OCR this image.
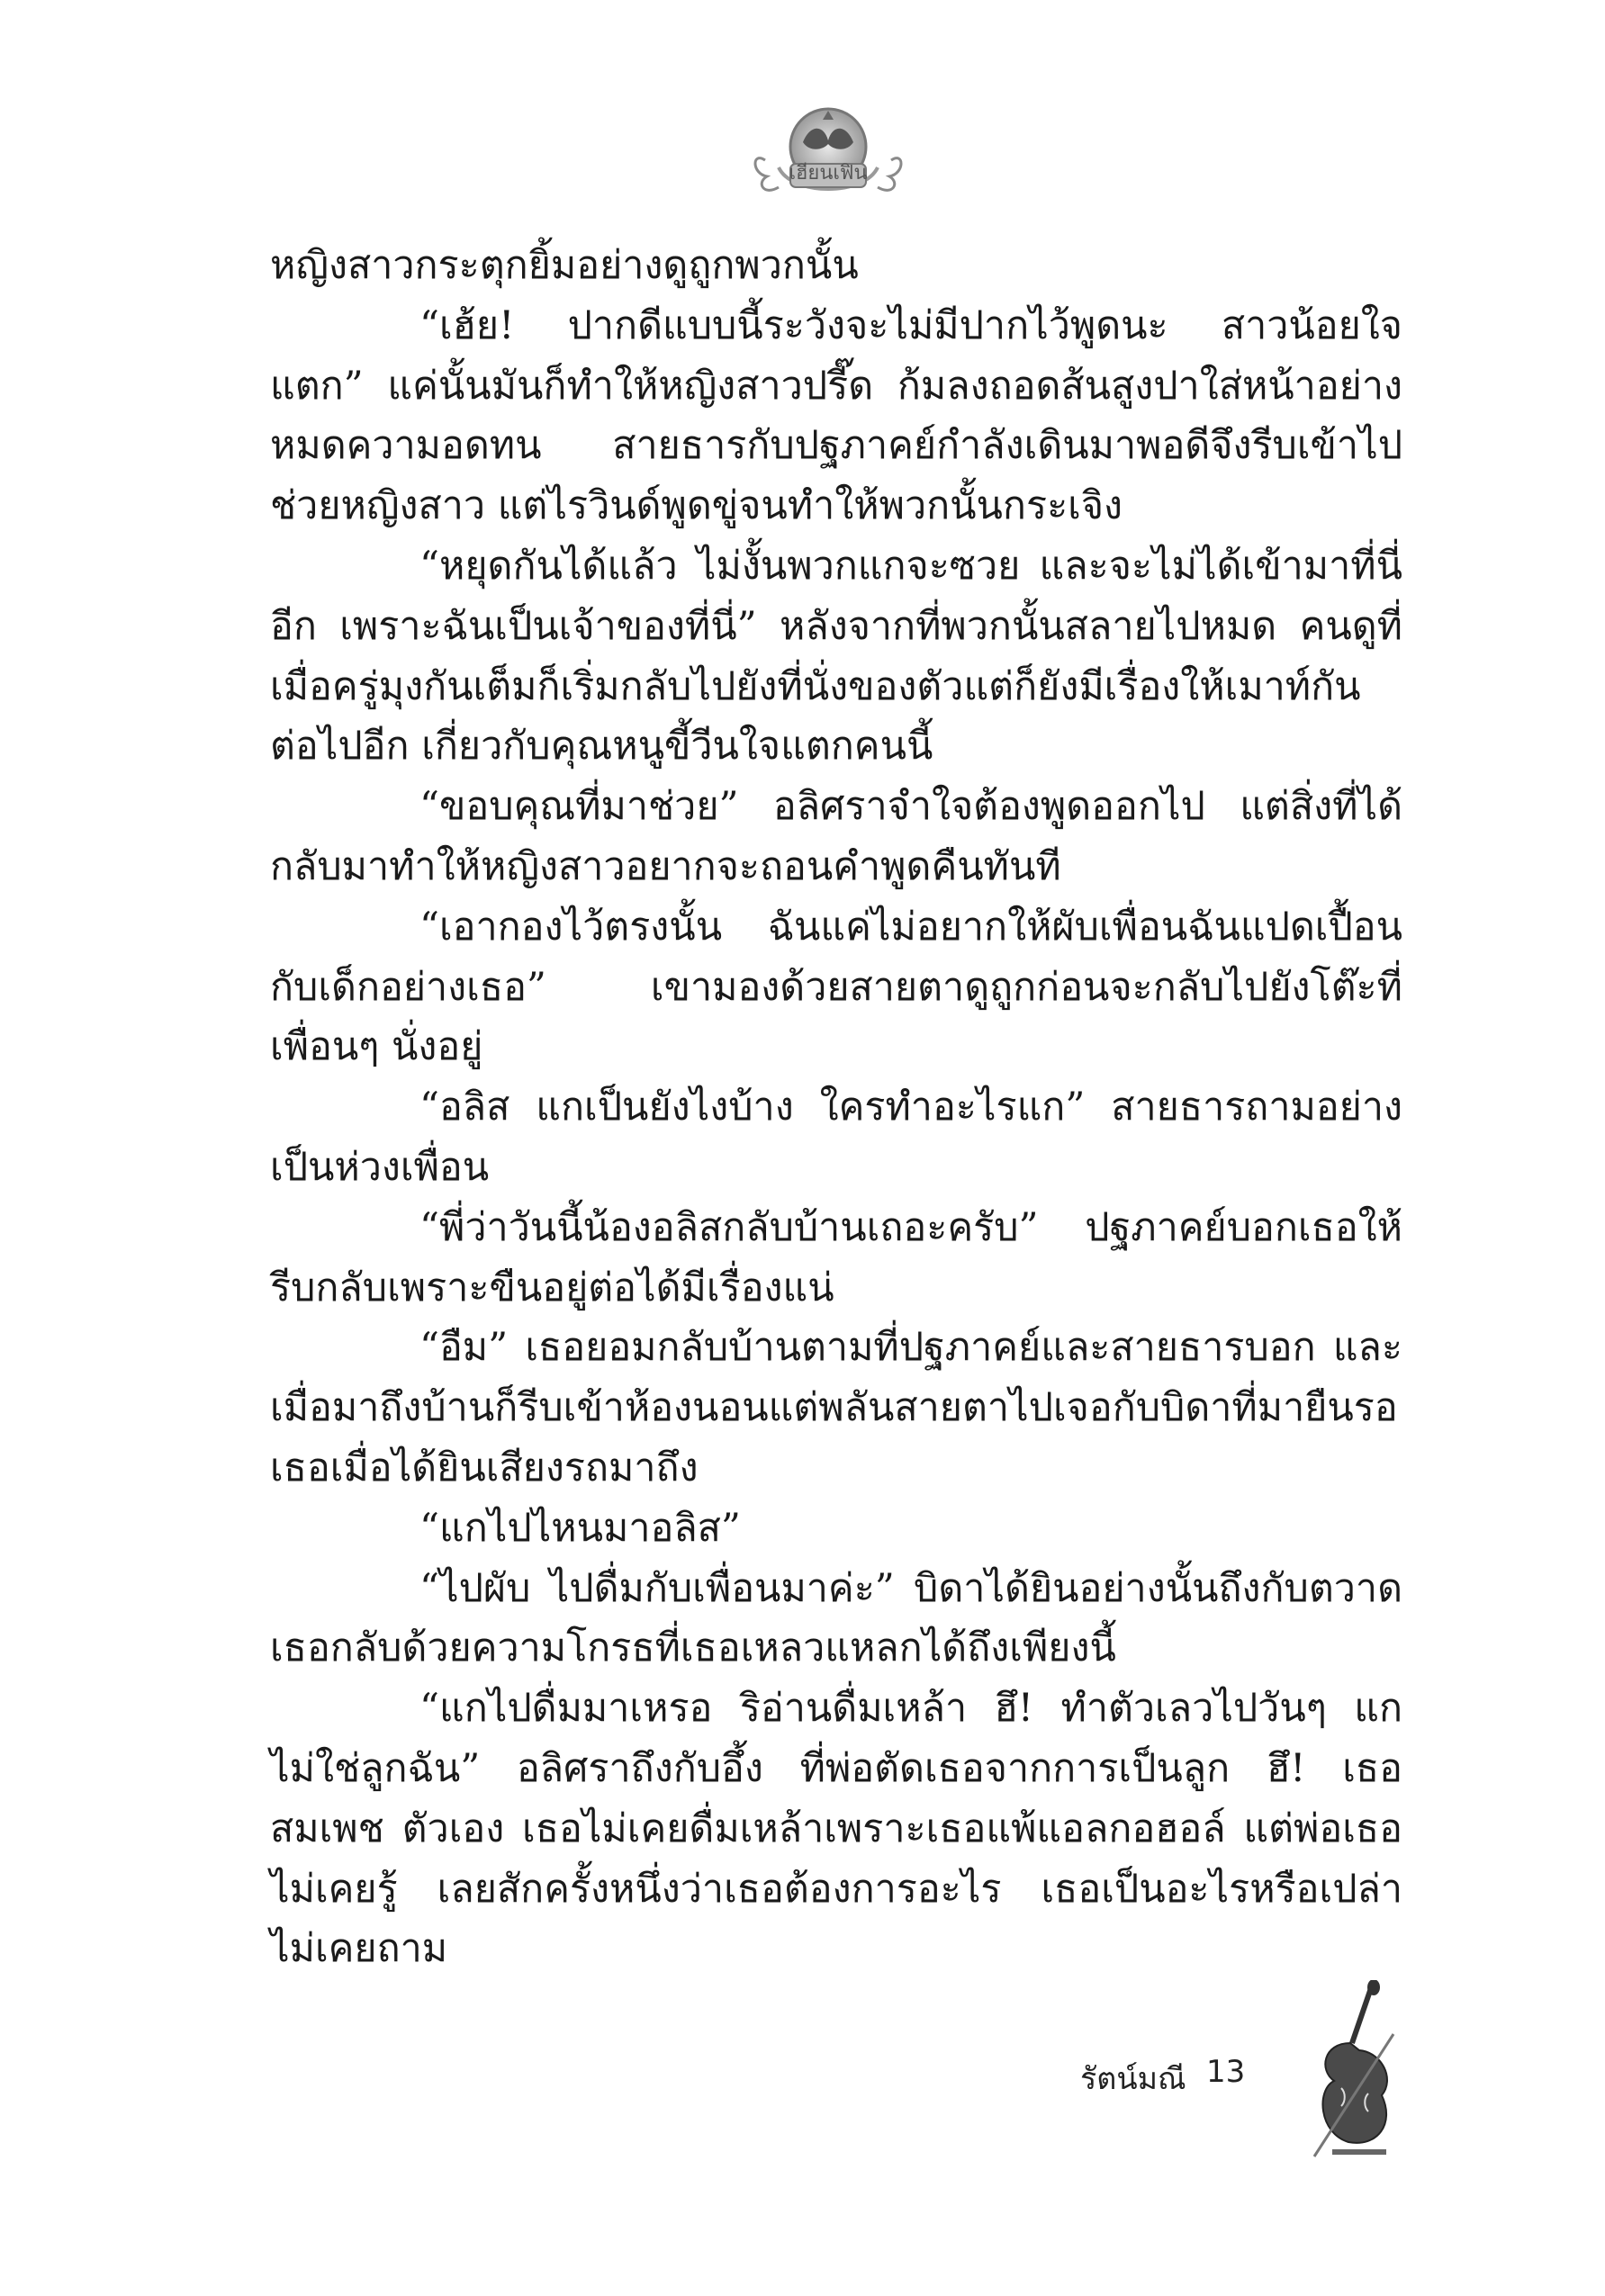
เฮียนเฟิน

หญิงสาวกระตุกยิ้มอย่างดูถูกพวกนั้น

“เฮ้ย! ปากดีแบบนี้ระวังจะไม่มีปากไว้พูดนะ สาวน้อยใจแตก” แค่นั้นมันก็ทำให้หญิงสาวปรี๊ด ก้มลงถอดส้นสูงปาใส่หน้าอย่างหมดความอดทน สายธารกับปฐภาคย์กำลังเดินมาพอดีจึงรีบเข้าไปช่วยหญิงสาว แต่ไรวินด์พูดขู่จนทำให้พวกนั้นกระเจิง

“หยุดกันได้แล้ว ไม่งั้นพวกแกจะซวย และจะไม่ได้เข้ามาที่นี่อีก เพราะฉันเป็นเจ้าของที่นี่” หลังจากที่พวกนั้นสลายไปหมด คนดูที่เมื่อครู่มุงกันเต็มก็เริ่มกลับไปยังที่นั่งของตัวแต่ก็ยังมีเรื่องให้เมาท์กันต่อไปอีก เกี่ยวกับคุณหนูขี้วีนใจแตกคนนี้

“ขอบคุณที่มาช่วย” อลิศราจำใจต้องพูดออกไป แต่สิ่งที่ได้กลับมาทำให้หญิงสาวอยากจะถอนคำพูดคืนทันที

“เอากองไว้ตรงนั้น ฉันแค่ไม่อยากให้ผับเพื่อนฉันแปดเปื้อน กับเด็กอย่างเธอ” เขามองด้วยสายตาดูถูกก่อนจะกลับไปยังโต๊ะที่เพื่อนๆ นั่งอยู่

“อลิส แกเป็นยังไงบ้าง ใครทำอะไรแก” สายธารถามอย่าง เป็นห่วงเพื่อน

“พี่ว่าวันนี้น้องอลิสกลับบ้านเถอะครับ” ปฐภาคย์บอกเธอให้ รีบกลับเพราะขืนอยู่ต่อได้มีเรื่องแน่

“อืม” เธอยอมกลับบ้านตามที่ปฐภาคย์และสายธารบอก และ เมื่อมาถึงบ้านก็รีบเข้าห้องนอนแต่พลันสายตาไปเจอกับบิดาที่มายืนรอ เธอเมื่อได้ยินเสียงรถมาถึง

“แกไปไหนมาอลิส”

“ไปผับ ไปดื่มกับเพื่อนมาค่ะ” บิดาได้ยินอย่างนั้นถึงกับตวาด เธอกลับด้วยความโกรธที่เธอเหลวแหลกได้ถึงเพียงนี้

“แกไปดื่มมาเหรอ ริอ่านดื่มเหล้า ฮึ! ทำตัวเลวไปวันๆ แก ไม่ใช่ลูกฉัน” อลิศราถึงกับอึ้ง ที่พ่อตัดเธอจากการเป็นลูก ฮึ! เธอสมเพช ตัวเอง เธอไม่เคยดื่มเหล้าเพราะเธอแพ้แอลกอฮอล์ แต่พ่อเธอไม่เคยรู้ เลยสักครั้งหนึ่งว่าเธอต้องการอะไร เธอเป็นอะไรหรือเปล่า ไม่เคยถาม

รัตน์มณี 13
